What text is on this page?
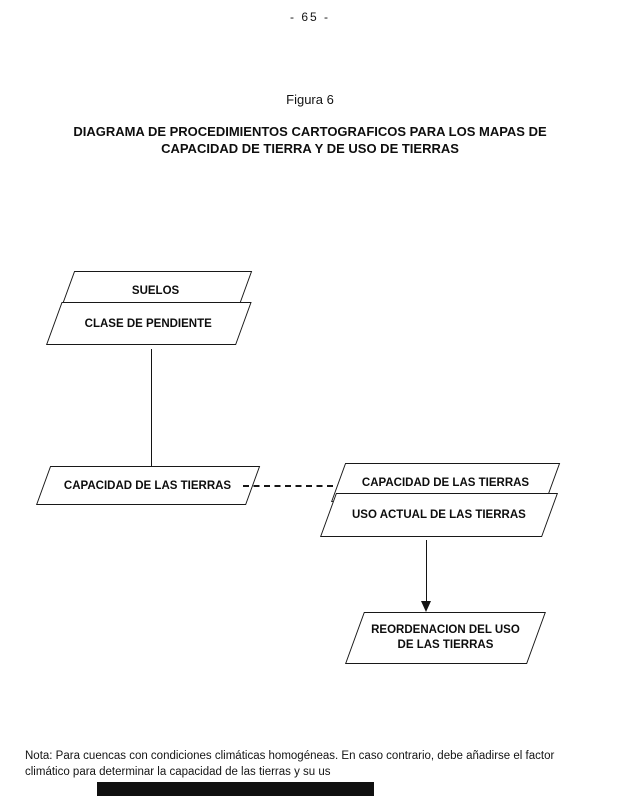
- 65 -
Figura 6
DIAGRAMA DE PROCEDIMIENTOS CARTOGRAFICOS PARA LOS MAPAS DE
CAPACIDAD DE TIERRA Y DE USO DE TIERRAS
SUELOS
CLASE DE PENDIENTE
CAPACIDAD DE LAS TIERRAS	CAPACIDAD DE LAS TIERRAS
USO ACTUAL DE LAS TIERRAS
REORDENACION DEL USO DE LAS TIERRAS
Nota: Para cuencas con condiciones climáticas homogéneas. En caso contrario, debe añadirse el factor
climático para determinar la capacidad de las tierras y su us
